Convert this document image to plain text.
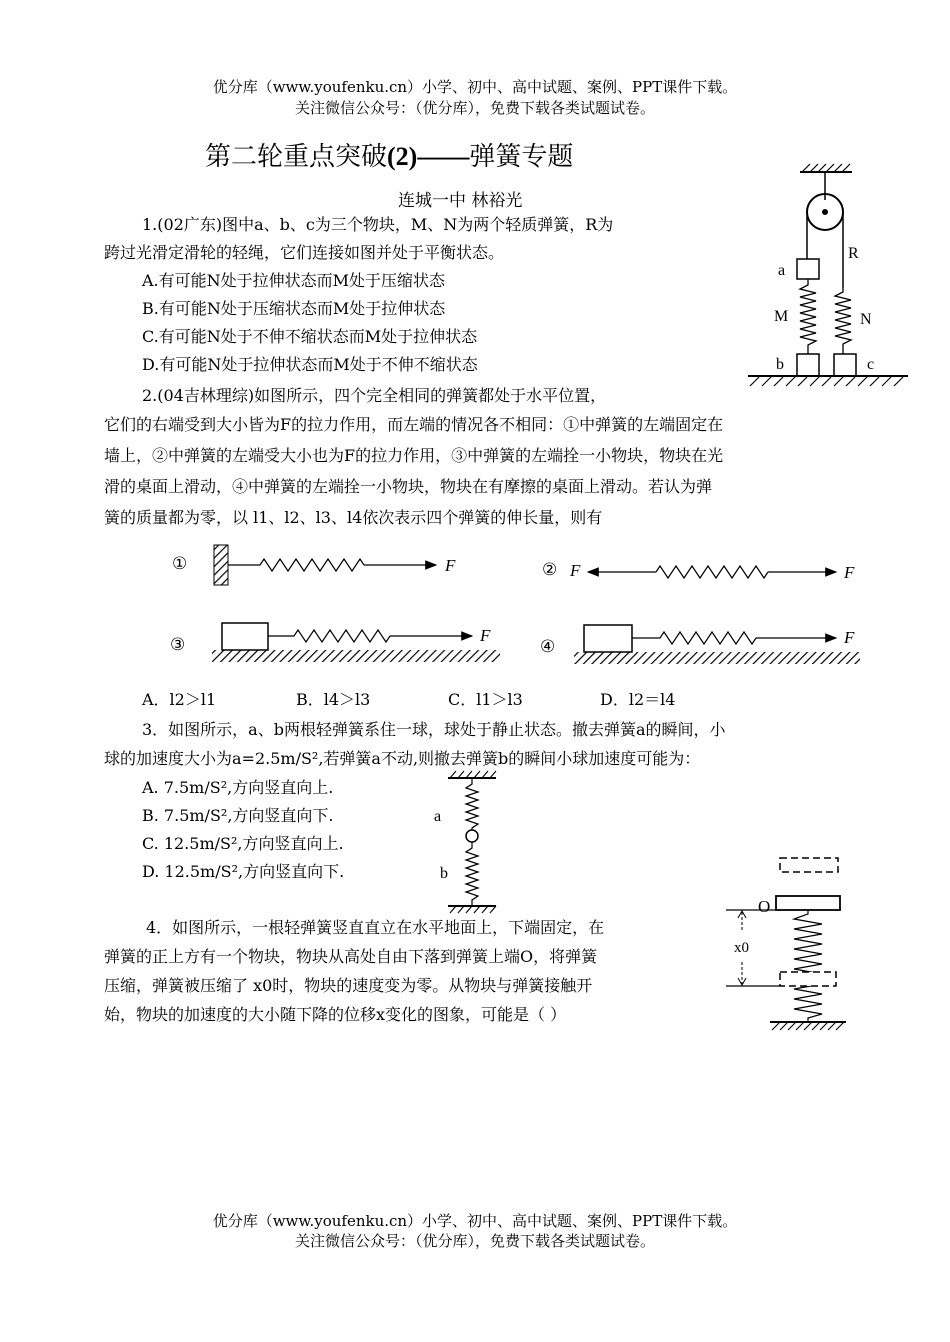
优分库（www.youfenku.cn）小学、初中、高中试题、案例、PPT课件下载。
关注微信公众号：（优分库），免费下载各类试题试卷。
第二轮重点突破(2)——弹簧专题
连城一中 林裕光
1.(02广东)图中a、b、c为三个物块，M、N为两个轻质弹簧，R为
跨过光滑定滑轮的轻绳，它们连接如图并处于平衡状态。
A.有可能N处于拉伸状态而M处于压缩状态
B.有可能N处于压缩状态而M处于拉伸状态
C.有可能N处于不伸不缩状态而M处于拉伸状态
D.有可能N处于拉伸状态而M处于不伸不缩状态
a
R
M	N
b	c
2.(04吉林理综)如图所示，四个完全相同的弹簧都处于水平位置，
它们的右端受到大小皆为F的拉力作用，而左端的情况各不相同：①中弹簧的左端固定在
墙上，②中弹簧的左端受大小也为F的拉力作用，③中弹簧的左端拴一小物块，物块在光
滑的桌面上滑动，④中弹簧的左端拴一小物块，物块在有摩擦的桌面上滑动。若认为弹
簧的质量都为零，以 l1、l2、l3、l4依次表示四个弹簧的伸长量，则有
①	F	② F	F
③	F
④	F
A．l2＞l1	B．l4＞l3	C．l1＞l3	D．l2＝l4
3．如图所示，a、b两根轻弹簧系住一球，球处于静止状态。撤去弹簧a的瞬间，小
球的加速度大小为a=2.5m/S²,若弹簧a不动,则撤去弹簧b的瞬间小球加速度可能为：
A. 7.5m/S²,方向竖直向上.
B. 7.5m/S²,方向竖直向下.
C. 12.5m/S²,方向竖直向上.
D. 12.5m/S²,方向竖直向下.
a
b
4．如图所示，一根轻弹簧竖直直立在水平地面上，下端固定，在
弹簧的正上方有一个物块，物块从高处自由下落到弹簧上端O，将弹簧
压缩，弹簧被压缩了 x0时，物块的速度变为零。从物块与弹簧接触开
始，物块的加速度的大小随下降的位移x变化的图象，可能是（ ）
O
x0
优分库（www.youfenku.cn）小学、初中、高中试题、案例、PPT课件下载。
关注微信公众号：（优分库），免费下载各类试题试卷。
